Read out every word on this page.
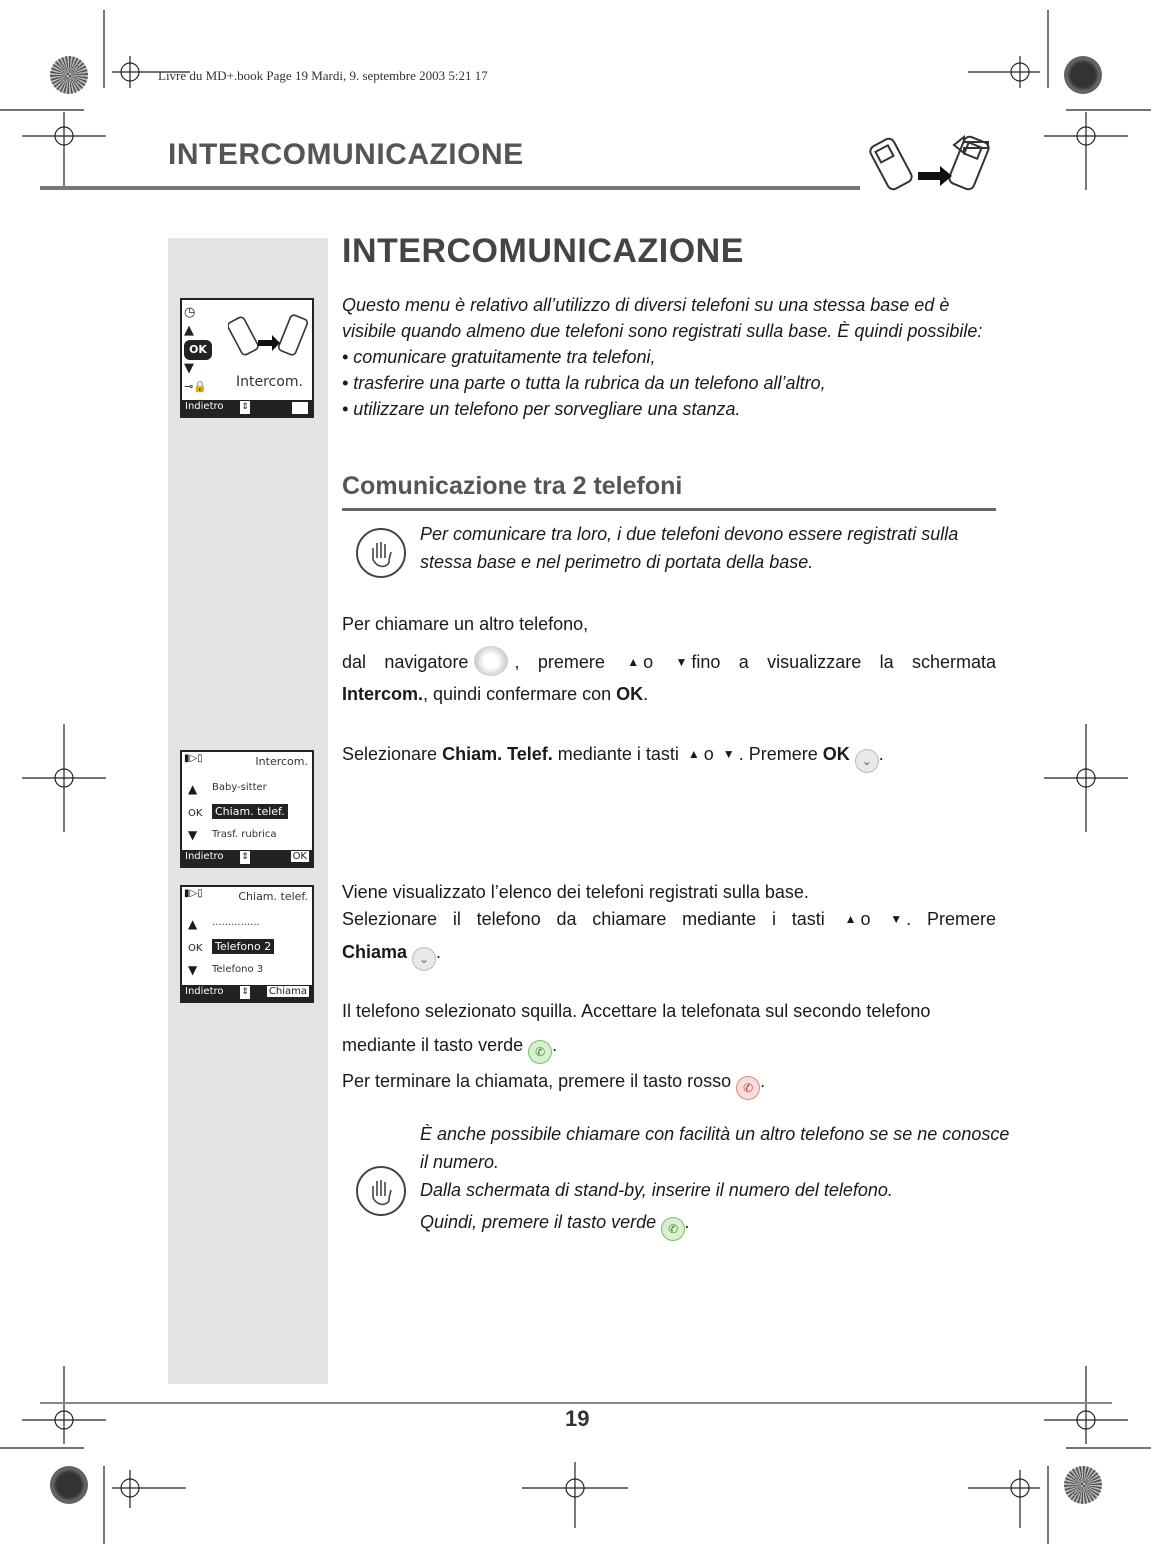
Livre du MD+.book Page 19 Mardi, 9. septembre 2003 5:21 17
INTERCOMUNICAZIONE
◷
▲
OK
▼
⊸🔒	Intercom.
Indietro ⇕
▮▷▯	Intercom.
▲ Baby-sitter
OK Chiam. telef.
▼ Trasf. rubrica
Indietro ⇕	OK
▮▷▯	Chiam. telef.
▲ ...............
OK Telefono 2
▼ Telefono 3
Indietro ⇕ Chiama
INTERCOMUNICAZIONE
Questo menu è relativo all’utilizzo di diversi telefoni su una stessa base ed è visibile quando almeno due telefoni sono registrati sulla base. È quindi possibile:
• comunicare gratuitamente tra telefoni,
• trasferire una parte o tutta la rubrica da un telefono all’altro,
• utilizzare un telefono per sorvegliare una stanza.
Comunicazione tra 2 telefoni
Per comunicare tra loro, i due telefoni devono essere registrati sulla stessa base e nel perimetro di portata della base.
Per chiamare un altro telefono,
dal navigatore	, premere ▲ o ▼ fino a visualizzare la schermata
Intercom., quindi confermare con OK.
Selezionare Chiam. Telef. mediante i tasti ▲ o ▼ . Premere OK ⌄ .
Viene visualizzato l’elenco dei telefoni registrati sulla base.
Selezionare il telefono da chiamare mediante i tasti ▲ o ▼ . Premere
Chiama ⌄ .
Il telefono selezionato squilla. Accettare la telefonata sul secondo telefono mediante il tasto verde ✆ .
Per terminare la chiamata, premere il tasto rosso ✆ .
È anche possibile chiamare con facilità un altro telefono se se ne conosce il numero.
Dalla schermata di stand-by, inserire il numero del telefono.
Quindi, premere il tasto verde ✆ .
19
